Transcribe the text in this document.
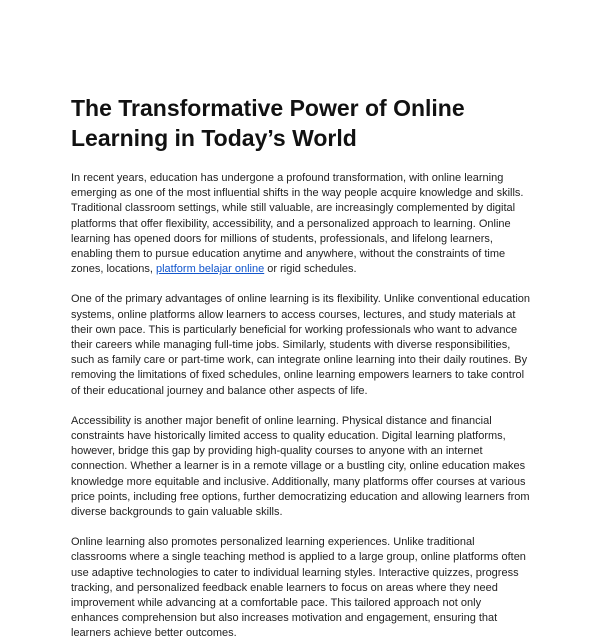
The Transformative Power of Online Learning in Today’s World

In recent years, education has undergone a profound transformation, with online learning emerging as one of the most influential shifts in the way people acquire knowledge and skills. Traditional classroom settings, while still valuable, are increasingly complemented by digital platforms that offer flexibility, accessibility, and a personalized approach to learning. Online learning has opened doors for millions of students, professionals, and lifelong learners, enabling them to pursue education anytime and anywhere, without the constraints of time zones, locations, platform belajar online or rigid schedules.

One of the primary advantages of online learning is its flexibility. Unlike conventional education systems, online platforms allow learners to access courses, lectures, and study materials at their own pace. This is particularly beneficial for working professionals who want to advance their careers while managing full-time jobs. Similarly, students with diverse responsibilities, such as family care or part-time work, can integrate online learning into their daily routines. By removing the limitations of fixed schedules, online learning empowers learners to take control of their educational journey and balance other aspects of life.

Accessibility is another major benefit of online learning. Physical distance and financial constraints have historically limited access to quality education. Digital learning platforms, however, bridge this gap by providing high-quality courses to anyone with an internet connection. Whether a learner is in a remote village or a bustling city, online education makes knowledge more equitable and inclusive. Additionally, many platforms offer courses at various price points, including free options, further democratizing education and allowing learners from diverse backgrounds to gain valuable skills.

Online learning also promotes personalized learning experiences. Unlike traditional classrooms where a single teaching method is applied to a large group, online platforms often use adaptive technologies to cater to individual learning styles. Interactive quizzes, progress tracking, and personalized feedback enable learners to focus on areas where they need improvement while advancing at a comfortable pace. This tailored approach not only enhances comprehension but also increases motivation and engagement, ensuring that learners achieve better outcomes.
